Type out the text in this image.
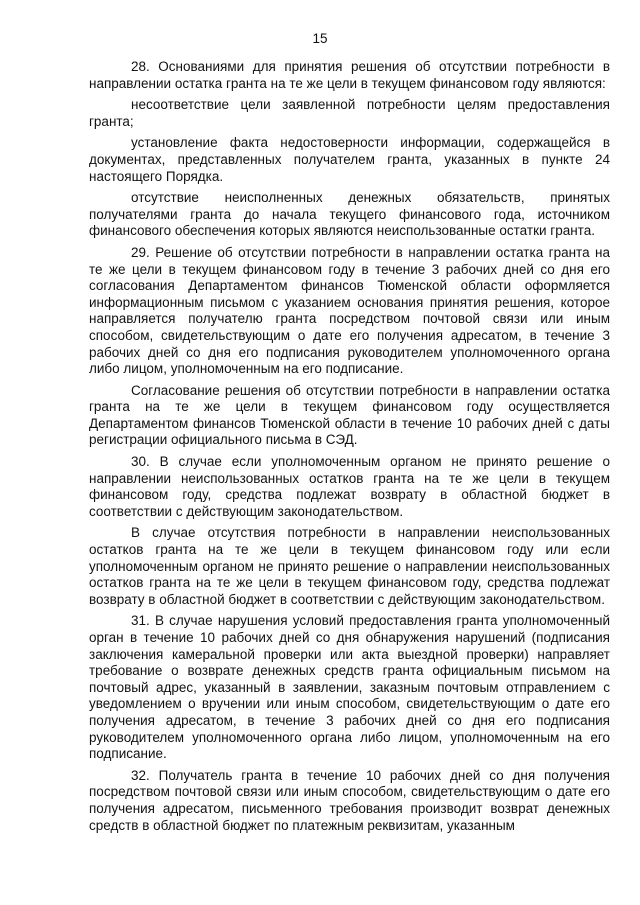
15

28. Основаниями для принятия решения об отсутствии потребности в направлении остатка гранта на те же цели в текущем финансовом году являются:

несоответствие цели заявленной потребности целям предоставления гранта;

установление факта недостоверности информации, содержащейся в документах, представленных получателем гранта, указанных в пункте 24 настоящего Порядка.

отсутствие неисполненных денежных обязательств, принятых получателями гранта до начала текущего финансового года, источником финансового обеспечения которых являются неиспользованные остатки гранта.

29. Решение об отсутствии потребности в направлении остатка гранта на те же цели в текущем финансовом году в течение 3 рабочих дней со дня его согласования Департаментом финансов Тюменской области оформляется информационным письмом с указанием основания принятия решения, которое направляется получателю гранта посредством почтовой связи или иным способом, свидетельствующим о дате его получения адресатом, в течение 3 рабочих дней со дня его подписания руководителем уполномоченного органа либо лицом, уполномоченным на его подписание.

Согласование решения об отсутствии потребности в направлении остатка гранта на те же цели в текущем финансовом году осуществляется Департаментом финансов Тюменской области в течение 10 рабочих дней с даты регистрации официального письма в СЭД.

30. В случае если уполномоченным органом не принято решение о направлении неиспользованных остатков гранта на те же цели в текущем финансовом году, средства подлежат возврату в областной бюджет в соответствии с действующим законодательством.

В случае отсутствия потребности в направлении неиспользованных остатков гранта на те же цели в текущем финансовом году или если уполномоченным органом не принято решение о направлении неиспользованных остатков гранта на те же цели в текущем финансовом году, средства подлежат возврату в областной бюджет в соответствии с действующим законодательством.

31. В случае нарушения условий предоставления гранта уполномоченный орган в течение 10 рабочих дней со дня обнаружения нарушений (подписания заключения камеральной проверки или акта выездной проверки) направляет требование о возврате денежных средств гранта официальным письмом на почтовый адрес, указанный в заявлении, заказным почтовым отправлением с уведомлением о вручении или иным способом, свидетельствующим о дате его получения адресатом, в течение 3 рабочих дней со дня его подписания руководителем уполномоченного органа либо лицом, уполномоченным на его подписание.

32. Получатель гранта в течение 10 рабочих дней со дня получения посредством почтовой связи или иным способом, свидетельствующим о дате его получения адресатом, письменного требования производит возврат денежных средств в областной бюджет по платежным реквизитам, указанным
